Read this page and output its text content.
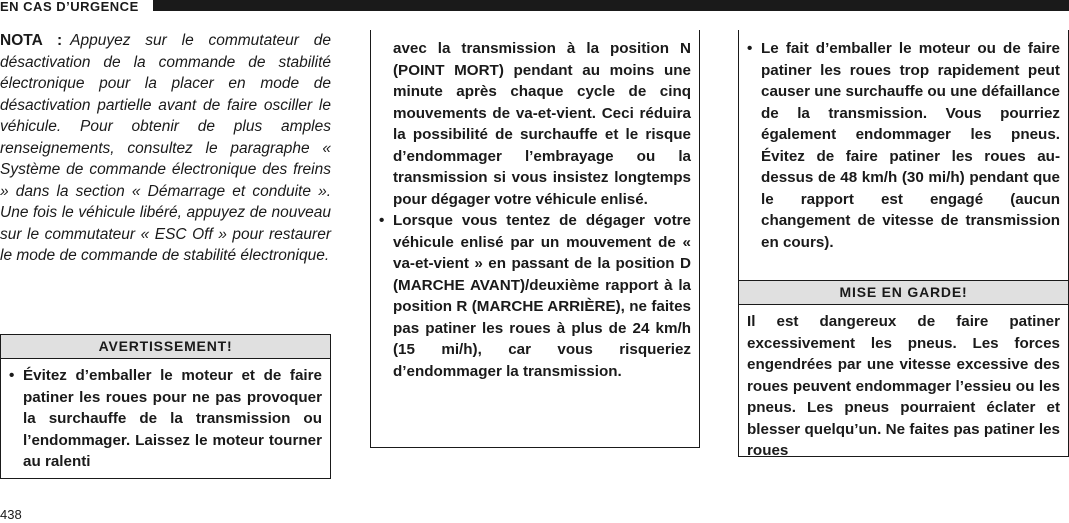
EN CAS D’URGENCE
NOTA : Appuyez sur le commutateur de désactivation de la commande de stabilité électronique pour la placer en mode de désactivation partielle avant de faire osciller le véhicule. Pour obtenir de plus amples renseignements, consultez le paragraphe « Système de commande électronique des freins » dans la section « Démarrage et conduite ». Une fois le véhicule libéré, appuyez de nouveau sur le commutateur « ESC Off » pour restaurer le mode de commande de stabilité électronique.
AVERTISSEMENT!
• Évitez d’emballer le moteur et de faire patiner les roues pour ne pas provoquer la surchauffe de la transmission ou l’endommager. Laissez le moteur tourner au ralenti
avec la transmission à la position N (POINT MORT) pendant au moins une minute après chaque cycle de cinq mouvements de va-et-vient. Ceci réduira la possibilité de surchauffe et le risque d’endommager l’embrayage ou la transmission si vous insistez longtemps pour dégager votre véhicule enlisé.
• Lorsque vous tentez de dégager votre véhicule enlisé par un mouvement de « va-et-vient » en passant de la position D (MARCHE AVANT)/deuxième rapport à la position R (MARCHE ARRIÈRE), ne faites pas patiner les roues à plus de 24 km/h (15 mi/h), car vous risqueriez d’endommager la transmission.
• Le fait d’emballer le moteur ou de faire patiner les roues trop rapidement peut causer une surchauffe ou une défaillance de la transmission. Vous pourriez également endommager les pneus. Évitez de faire patiner les roues au-dessus de 48 km/h (30 mi/h) pendant que le rapport est engagé (aucun changement de vitesse de transmission en cours).
MISE EN GARDE!
Il est dangereux de faire patiner excessivement les pneus. Les forces engendrées par une vitesse excessive des roues peuvent endommager l’essieu ou les pneus. Les pneus pourraient éclater et blesser quelqu’un. Ne faites pas patiner les roues
438
